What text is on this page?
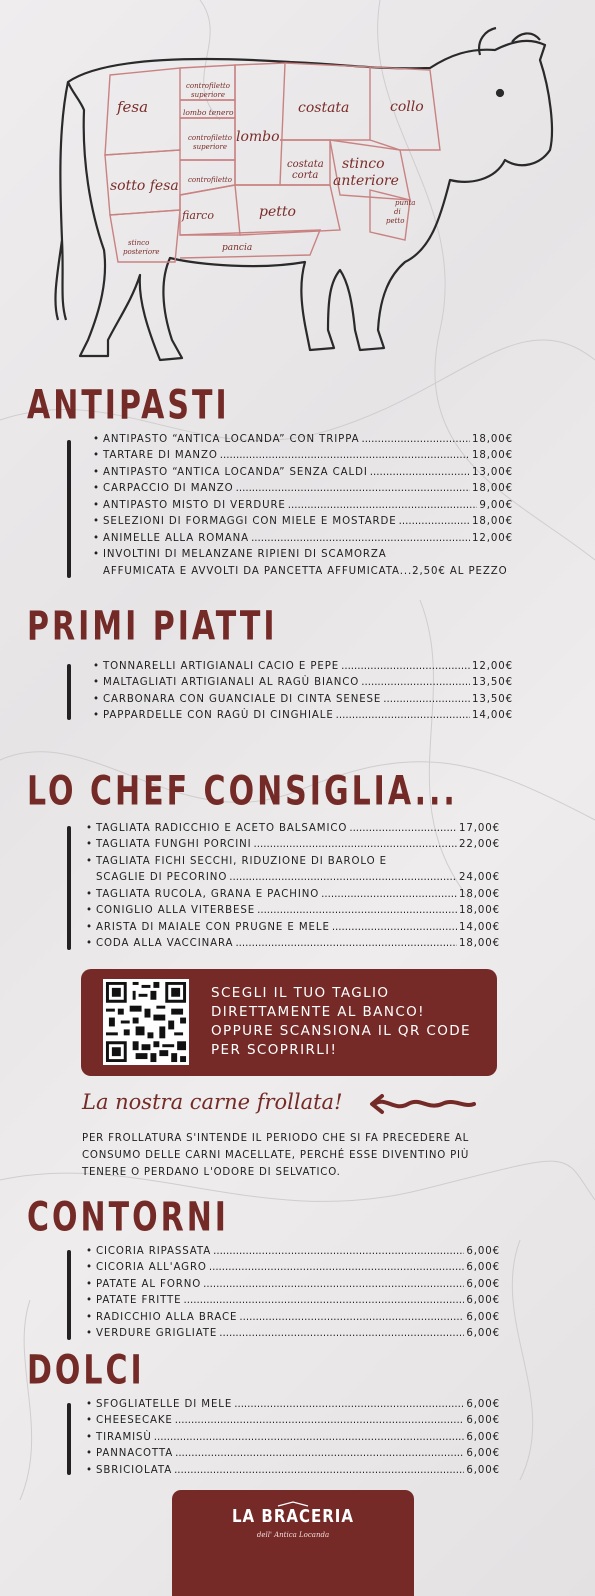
fesa
controfiletto
superiore
lombo tenero
controfiletto
superiore
controfiletto
lombo
costata	collo
costata
corta
stinco
anteriore
sotto fesa
fiarco	petto
punta
di
petto
stinco
posteriore	pancia
ANTIPASTI
• ANTIPASTO “ANTICA LOCANDA” CON TRIPPA .....	18,00€
• TARTARE DI MANZO .....	18,00€
• ANTIPASTO “ANTICA LOCANDA” SENZA CALDI .....	13,00€
• CARPACCIO DI MANZO .....	18,00€
• ANTIPASTO MISTO DI VERDURE .....	9,00€
• SELEZIONI DI FORMAGGI CON MIELE E MOSTARDE .....	18,00€
• ANIMELLE ALLA ROMANA .....	12,00€
• INVOLTINI DI MELANZANE RIPIENI DI SCAMORZA
AFFUMICATA E AVVOLTI DA PANCETTA AFFUMICATA...2,50€ AL PEZZO
PRIMI PIATTI
• TONNARELLI ARTIGIANALI CACIO E PEPE .....	12,00€
• MALTAGLIATI ARTIGIANALI AL RAGÙ BIANCO .....	13,50€
• CARBONARA CON GUANCIALE DI CINTA SENESE .....	13,50€
• PAPPARDELLE CON RAGÙ DI CINGHIALE .....	14,00€
LO CHEF CONSIGLIA...
• TAGLIATA RADICCHIO E ACETO BALSAMICO .....	17,00€
• TAGLIATA FUNGHI PORCINI .....	22,00€
• TAGLIATA FICHI SECCHI, RIDUZIONE DI BAROLO E
SCAGLIE DI PECORINO .....	24,00€
• TAGLIATA RUCOLA, GRANA E PACHINO .....	18,00€
• CONIGLIO ALLA VITERBESE .....	18,00€
• ARISTA DI MAIALE CON PRUGNE E MELE .....	14,00€
• CODA ALLA VACCINARA .....	18,00€
SCEGLI IL TUO TAGLIO DIRETTAMENTE AL BANCO! OPPURE SCANSIONA IL QR CODE PER SCOPRIRLI!
La nostra carne frollata!
PER FROLLATURA S'INTENDE IL PERIODO CHE SI FA PRECEDERE AL CONSUMO DELLE CARNI MACELLATE, PERCHÉ ESSE DIVENTINO PIÙ TENERE O PERDANO L'ODORE DI SELVATICO.
CONTORNI
• CICORIA RIPASSATA .....	6,00€
• CICORIA ALL'AGRO .....	6,00€
• PATATE AL FORNO .....	6,00€
• PATATE FRITTE .....	6,00€
• RADICCHIO ALLA BRACE .....	6,00€
• VERDURE GRIGLIATE .....	6,00€
DOLCI
• SFOGLIATELLE DI MELE .....	6,00€
• CHEESECAKE .....	6,00€
• TIRAMISÙ .....	6,00€
• PANNACOTTA .....	6,00€
• SBRICIOLATA .....	6,00€
LA BRACERIA
dell' Antica Locanda
